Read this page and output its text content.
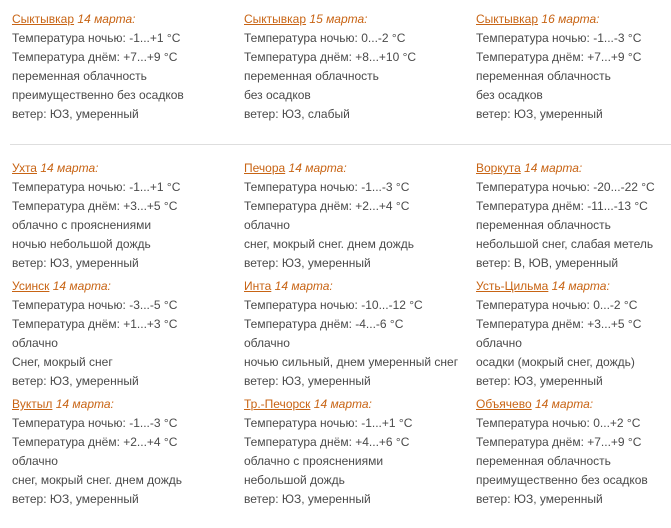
Сыктывкар 14 марта:
Температура ночью: -1...+1 °C
Температура днём: +7...+9 °C
переменная облачность
преимущественно без осадков
ветер: ЮЗ, умеренный
Сыктывкар 15 марта:
Температура ночью: 0...-2 °C
Температура днём: +8...+10 °C
переменная облачность
без осадков
ветер: ЮЗ, слабый
Сыктывкар 16 марта:
Температура ночью: -1...-3 °C
Температура днём: +7...+9 °C
переменная облачность
без осадков
ветер: ЮЗ, умеренный
Ухта 14 марта:
Температура ночью: -1...+1 °C
Температура днём: +3...+5 °C
облачно с прояснениями
ночью небольшой дождь
ветер: ЮЗ, умеренный
Печора 14 марта:
Температура ночью: -1...-3 °C
Температура днём: +2...+4 °C
облачно
снег, мокрый снег. днем дождь
ветер: ЮЗ, умеренный
Воркута 14 марта:
Температура ночью: -20...-22 °C
Температура днём: -11...-13 °C
переменная облачность
небольшой снег, слабая метель
ветер: В, ЮВ, умеренный
Усинск 14 марта:
Температура ночью: -3...-5 °C
Температура днём: +1...+3 °C
облачно
Снег, мокрый снег
ветер: ЮЗ, умеренный
Инта 14 марта:
Температура ночью: -10...-12 °C
Температура днём: -4...-6 °C
облачно
ночью сильный, днем умеренный снег
ветер: ЮЗ, умеренный
Усть-Цильма 14 марта:
Температура ночью: 0...-2 °C
Температура днём: +3...+5 °C
облачно
осадки (мокрый снег, дождь)
ветер: ЮЗ, умеренный
Вуктыл 14 марта:
Температура ночью: -1...-3 °C
Температура днём: +2...+4 °C
облачно
снег, мокрый снег. днем дождь
ветер: ЮЗ, умеренный
Тр.-Печорск 14 марта:
Температура ночью: -1...+1 °C
Температура днём: +4...+6 °C
облачно с прояснениями
небольшой дождь
ветер: ЮЗ, умеренный
Объячево 14 марта:
Температура ночью: 0...+2 °C
Температура днём: +7...+9 °C
переменная облачность
преимущественно без осадков
ветер: ЮЗ, умеренный
